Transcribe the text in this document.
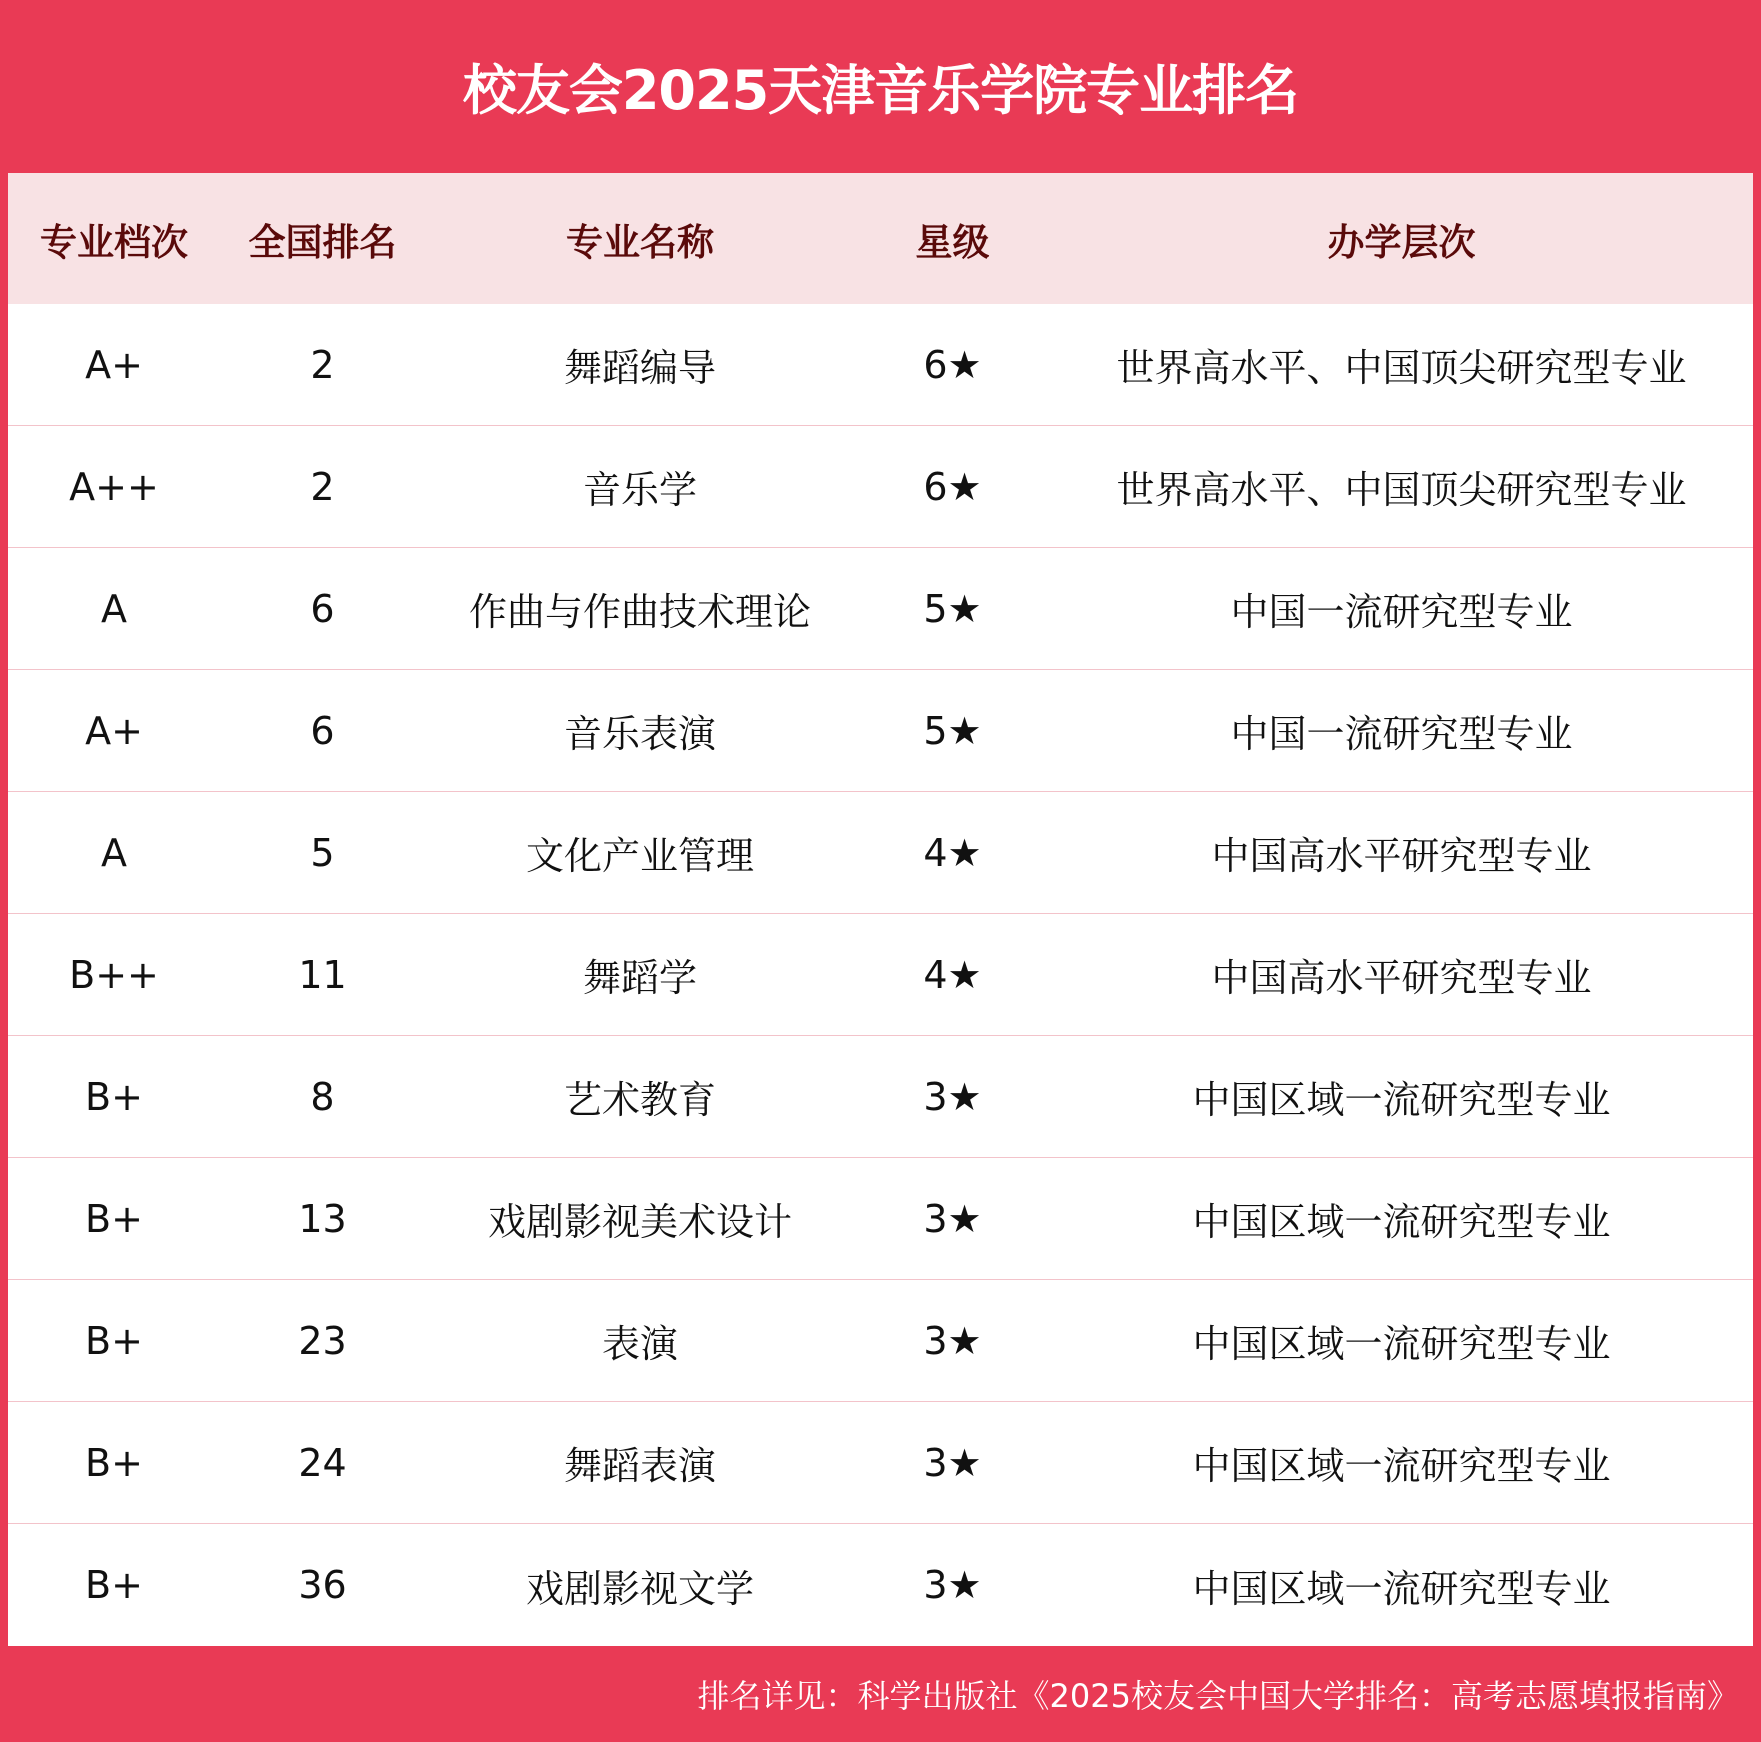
校友会2025天津音乐学院专业排名
专业档次	全国排名	专业名称	星级	办学层次
A+	2	舞蹈编导	6★	世界高水平、中国顶尖研究型专业
A++	2	音乐学	6★	世界高水平、中国顶尖研究型专业
A	6	作曲与作曲技术理论	5★	中国一流研究型专业
A+	6	音乐表演	5★	中国一流研究型专业
A	5	文化产业管理	4★	中国高水平研究型专业
B++	11	舞蹈学	4★	中国高水平研究型专业
B+	8	艺术教育	3★	中国区域一流研究型专业
B+	13	戏剧影视美术设计	3★	中国区域一流研究型专业
B+	23	表演	3★	中国区域一流研究型专业
B+	24	舞蹈表演	3★	中国区域一流研究型专业
B+	36	戏剧影视文学	3★	中国区域一流研究型专业
排名详见：科学出版社《2025校友会中国大学排名：高考志愿填报指南》
